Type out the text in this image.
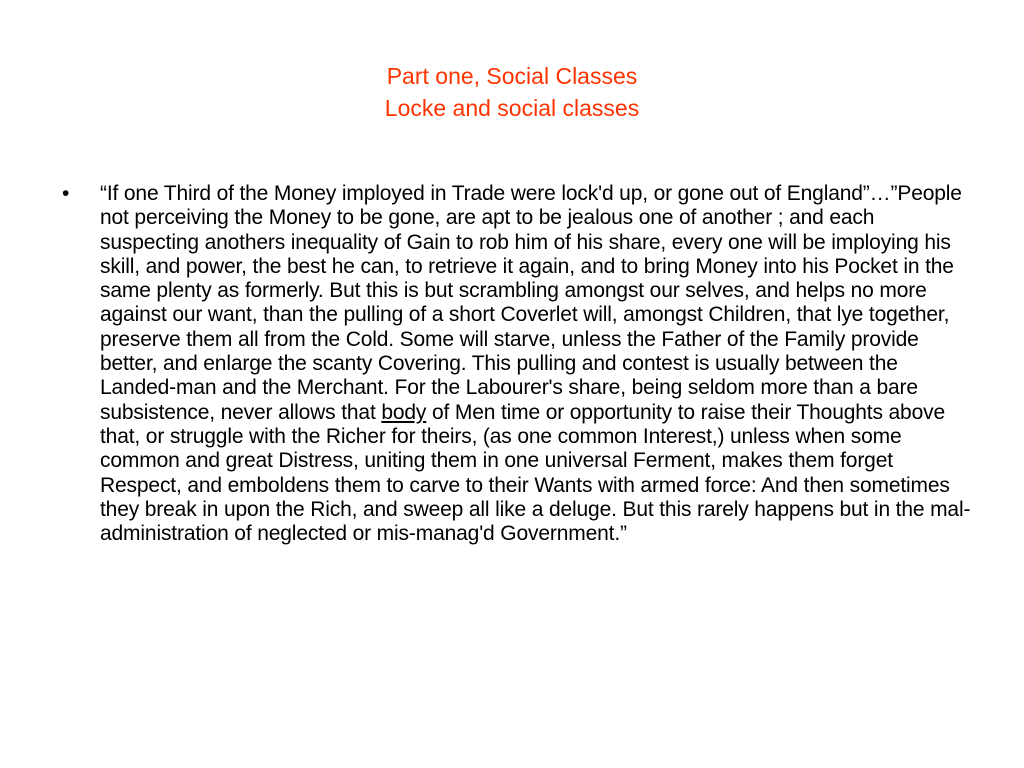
Part one, Social Classes
Locke and social classes
• “If one Third of the Money imployed in Trade were lock'd up, or gone out of England”…”People not perceiving the Money to be gone, are apt to be jealous one of another ; and each suspecting anothers inequality of Gain to rob him of his share, every one will be imploying his skill, and power, the best he can, to retrieve it again, and to bring Money into his Pocket in the same plenty as formerly. But this is but scrambling amongst our selves, and helps no more against our want, than the pulling of a short Coverlet will, amongst Children, that lye together, preserve them all from the Cold. Some will starve, unless the Father of the Family provide better, and enlarge the scanty Covering. This pulling and contest is usually between the Landed-man and the Merchant. For the Labourer's share, being seldom more than a bare subsistence, never allows that body of Men time or opportunity to raise their Thoughts above that, or struggle with the Richer for theirs, (as one common Interest,) unless when some common and great Distress, uniting them in one universal Ferment, makes them forget Respect, and emboldens them to carve to their Wants with armed force: And then sometimes they break in upon the Rich, and sweep all like a deluge. But this rarely happens but in the mal-administration of neglected or mis-manag'd Government.”
